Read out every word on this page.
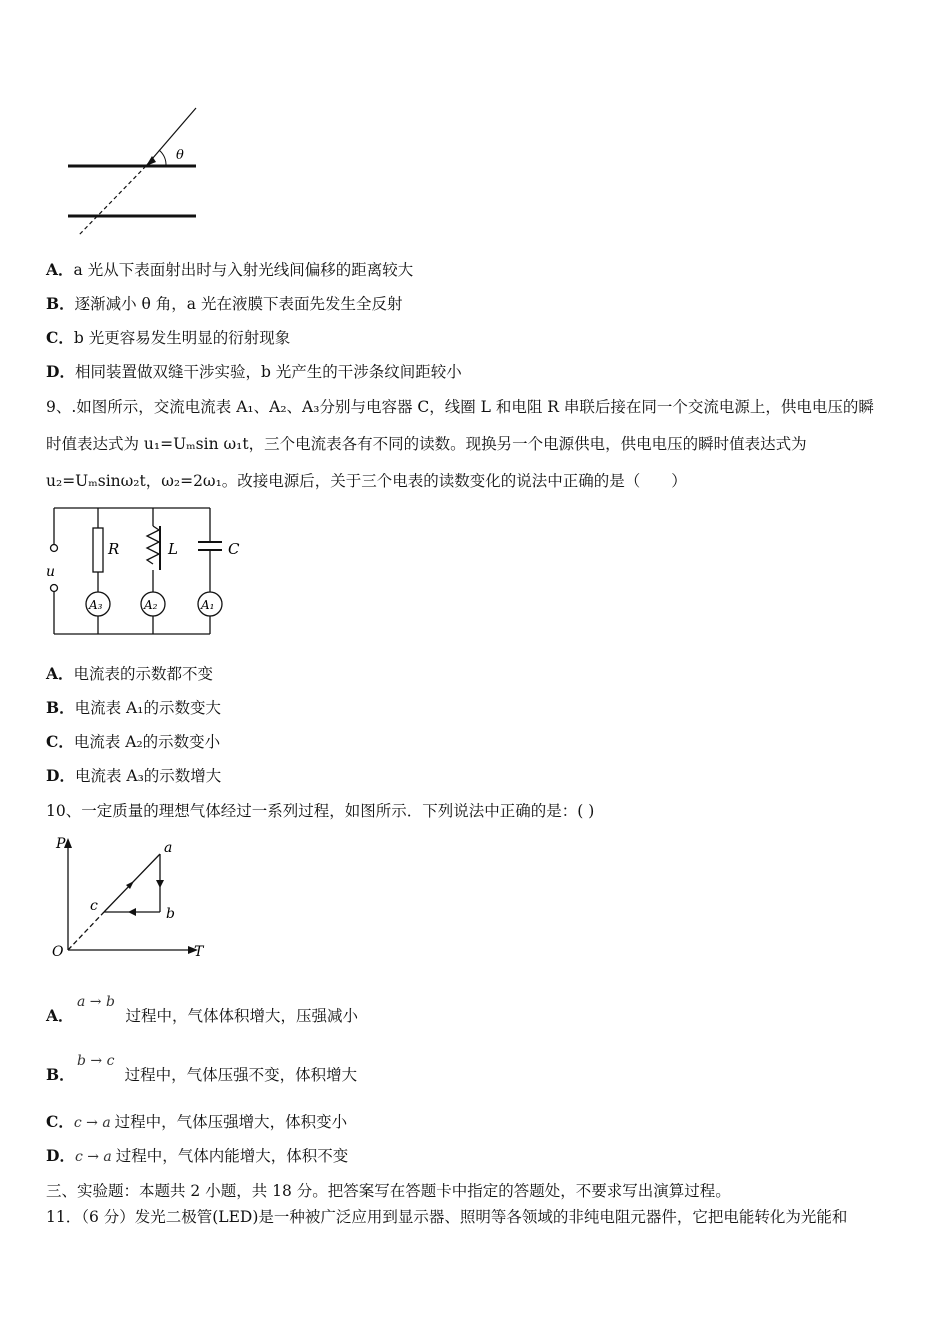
θ
A．a 光从下表面射出时与入射光线间偏移的距离较大
B．逐渐减小 θ 角，a 光在液膜下表面先发生全反射
C．b 光更容易发生明显的衍射现象
D．相同装置做双缝干涉实验，b 光产生的干涉条纹间距较小
9、.如图所示，交流电流表 A₁、A₂、A₃分别与电容器 C，线圈 L 和电阻 R 串联后接在同一个交流电源上，供电电压的瞬
时值表达式为 u₁=Uₘsin ω₁t，三个电流表各有不同的读数。现换另一个电源供电，供电电压的瞬时值表达式为
u₂=Uₘsinω₂t，ω₂=2ω₁。改接电源后，关于三个电表的读数变化的说法中正确的是（　　）
R	L	C
u
A₃	A₂	A₁
A．电流表的示数都不变
B．电流表 A₁的示数变大
C．电流表 A₂的示数变小
D．电流表 A₃的示数增大
10、一定质量的理想气体经过一系列过程，如图所示．下列说法中正确的是：( )
P
T
O
a
b
c
a → b
A．	过程中，气体体积增大，压强减小
b → c
B．	过程中，气体压强不变，体积增大
C．c → a 过程中，气体压强增大，体积变小
D．c → a 过程中，气体内能增大，体积不变
三、实验题：本题共 2 小题，共 18 分。把答案写在答题卡中指定的答题处，不要求写出演算过程。
11．（6 分）发光二极管(LED)是一种被广泛应用到显示器、照明等各领域的非纯电阻元器件，它把电能转化为光能和
